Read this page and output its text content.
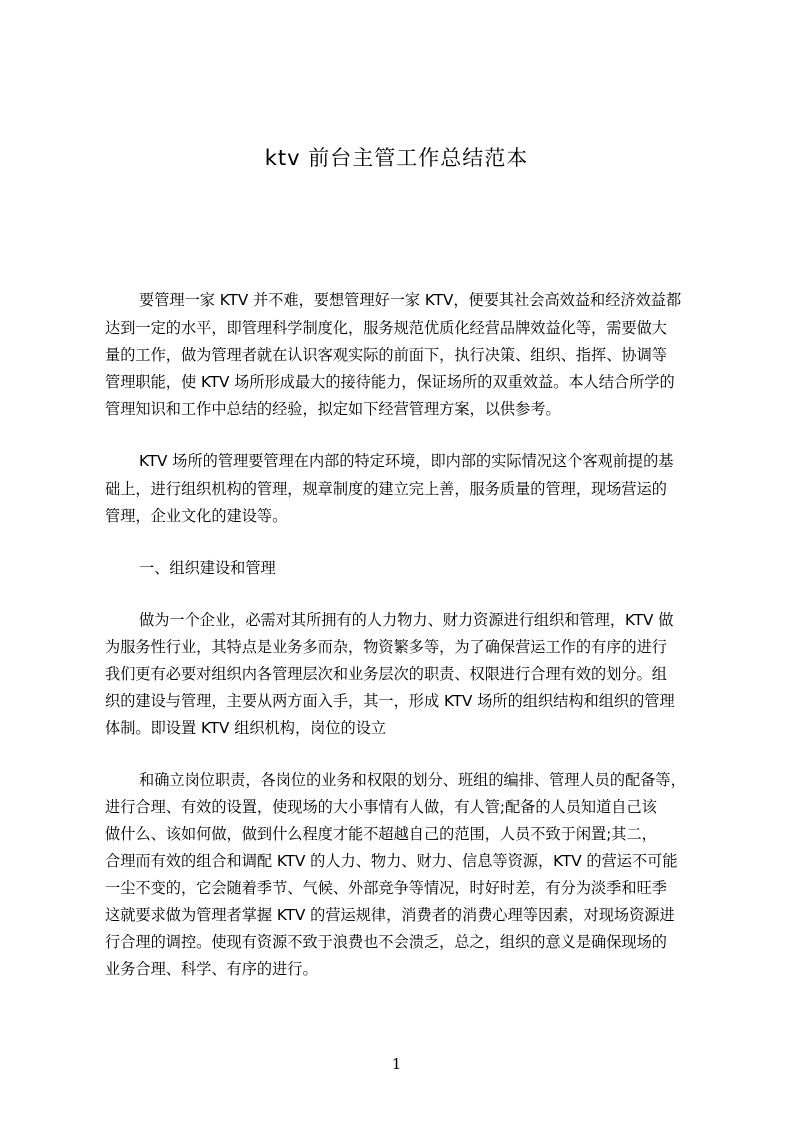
ktv 前台主管工作总结范本
要管理一家 KTV 并不难，要想管理好一家 KTV，便要其社会高效益和经济效益都
达到一定的水平，即管理科学制度化，服务规范优质化经营品牌效益化等，需要做大
量的工作，做为管理者就在认识客观实际的前面下，执行决策、组织、指挥、协调等
管理职能，使 KTV 场所形成最大的接待能力，保证场所的双重效益。本人结合所学的
管理知识和工作中总结的经验，拟定如下经营管理方案，以供参考。
KTV 场所的管理要管理在内部的特定环境，即内部的实际情况这个客观前提的基
础上，进行组织机构的管理，规章制度的建立完上善，服务质量的管理，现场营运的
管理，企业文化的建设等。
一、组织建设和管理
做为一个企业，必需对其所拥有的人力物力、财力资源进行组织和管理，KTV 做
为服务性行业，其特点是业务多而杂，物资繁多等，为了确保营运工作的有序的进行
我们更有必要对组织内各管理层次和业务层次的职责、权限进行合理有效的划分。组
织的建设与管理，主要从两方面入手，其一，形成 KTV 场所的组织结构和组织的管理
体制。即设置 KTV 组织机构，岗位的设立
和确立岗位职责，各岗位的业务和权限的划分、班组的编排、管理人员的配备等，
进行合理、有效的设置，使现场的大小事情有人做，有人管;配备的人员知道自己该
做什么、该如何做，做到什么程度才能不超越自己的范围，人员不致于闲置;其二，
合理而有效的组合和调配 KTV 的人力、物力、财力、信息等资源，KTV 的营运不可能
一尘不变的，它会随着季节、气候、外部竞争等情况，时好时差，有分为淡季和旺季
这就要求做为管理者掌握 KTV 的营运规律，消费者的消费心理等因素，对现场资源进
行合理的调控。使现有资源不致于浪费也不会溃乏，总之，组织的意义是确保现场的
业务合理、科学、有序的进行。
1
